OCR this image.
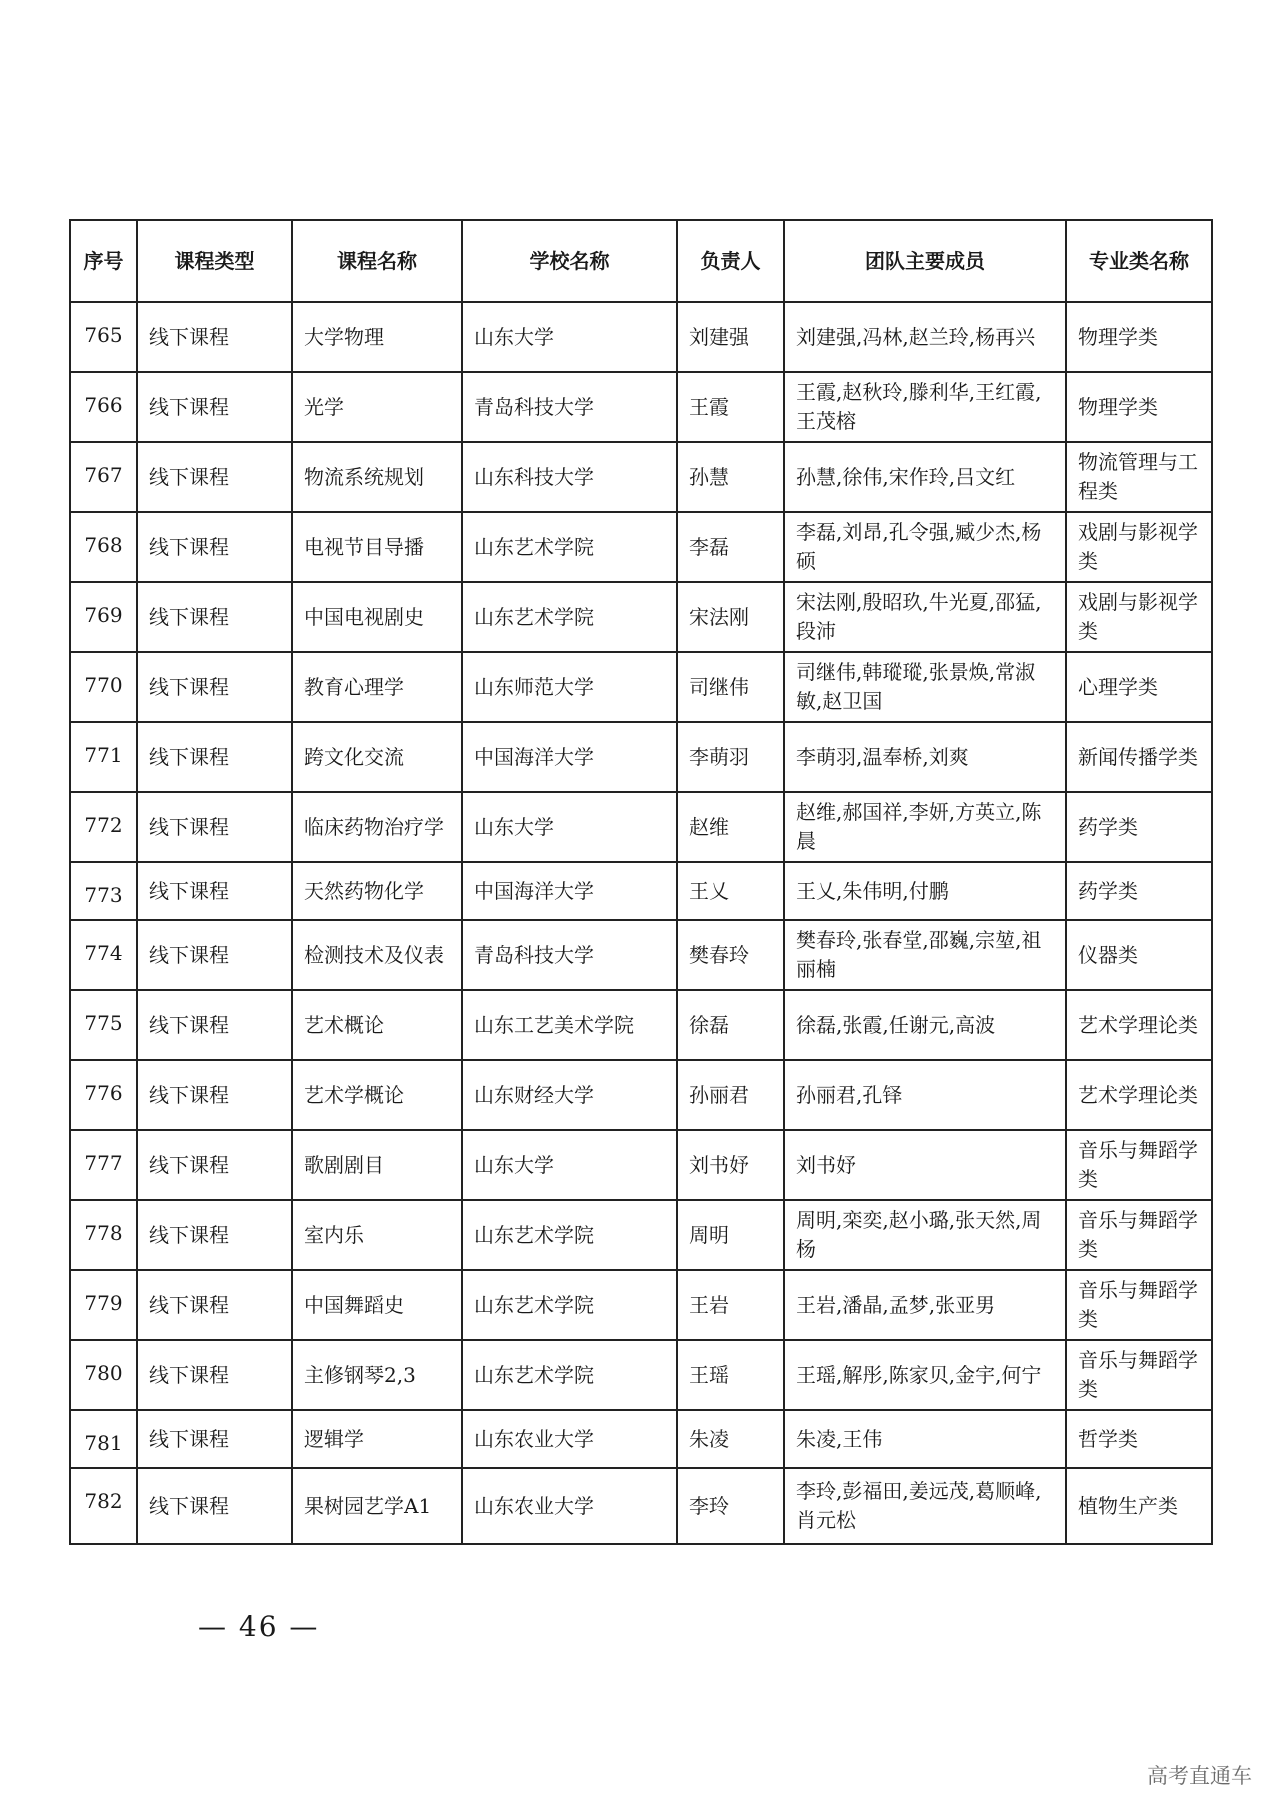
序号	课程类型	课程名称	学校名称	负责人	团队主要成员	专业类名称
765	线下课程	大学物理	山东大学	刘建强	刘建强,冯林,赵兰玲,杨再兴	物理学类
766	线下课程	光学	青岛科技大学	王霞	王霞,赵秋玲,滕利华,王红霞,王茂榕	物理学类
767	线下课程	物流系统规划	山东科技大学	孙慧	孙慧,徐伟,宋作玲,吕文红	物流管理与工程类
768	线下课程	电视节目导播	山东艺术学院	李磊	李磊,刘昂,孔令强,臧少杰,杨硕	戏剧与影视学类
769	线下课程	中国电视剧史	山东艺术学院	宋法刚	宋法刚,殷昭玖,牛光夏,邵猛,段沛	戏剧与影视学类
770	线下课程	教育心理学	山东师范大学	司继伟	司继伟,韩瑽瑽,张景焕,常淑敏,赵卫国	心理学类
771	线下课程	跨文化交流	中国海洋大学	李萌羽	李萌羽,温奉桥,刘爽	新闻传播学类
772	线下课程	临床药物治疗学	山东大学	赵维	赵维,郝国祥,李妍,方英立,陈晨	药学类
773	线下课程	天然药物化学	中国海洋大学	王乂	王乂,朱伟明,付鹏	药学类
774	线下课程	检测技术及仪表	青岛科技大学	樊春玲	樊春玲,张春堂,邵巍,宗堃,祖丽楠	仪器类
775	线下课程	艺术概论	山东工艺美术学院	徐磊	徐磊,张霞,任谢元,高波	艺术学理论类
776	线下课程	艺术学概论	山东财经大学	孙丽君	孙丽君,孔铎	艺术学理论类
777	线下课程	歌剧剧目	山东大学	刘书妤	刘书妤	音乐与舞蹈学类
778	线下课程	室内乐	山东艺术学院	周明	周明,栾奕,赵小璐,张天然,周杨	音乐与舞蹈学类
779	线下课程	中国舞蹈史	山东艺术学院	王岩	王岩,潘晶,孟梦,张亚男	音乐与舞蹈学类
780	线下课程	主修钢琴2,3	山东艺术学院	王瑶	王瑶,解彤,陈家贝,金宇,何宁	音乐与舞蹈学类
781	线下课程	逻辑学	山东农业大学	朱凌	朱凌,王伟	哲学类
782	线下课程	果树园艺学A1	山东农业大学	李玲	李玲,彭福田,姜远茂,葛顺峰,肖元松	植物生产类
— 46 —
高考直通车
